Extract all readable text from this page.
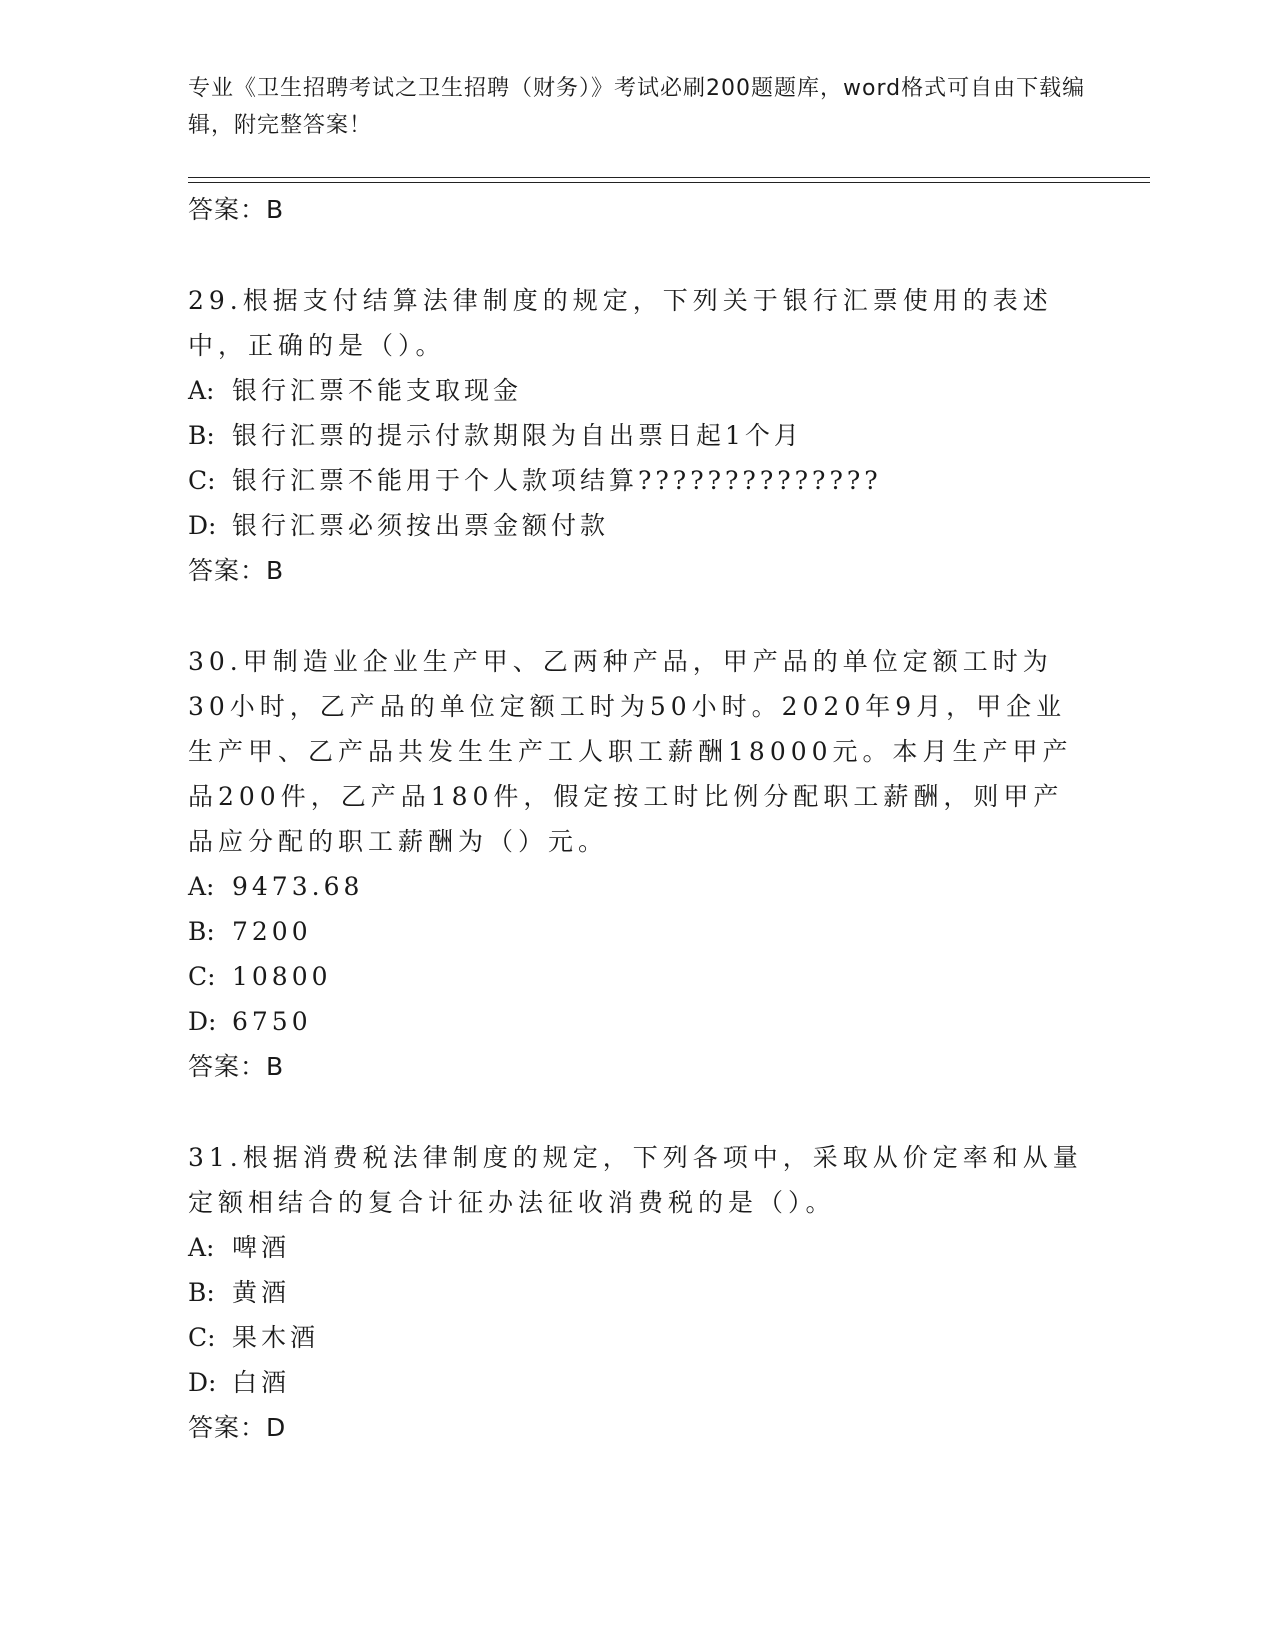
专业《卫生招聘考试之卫生招聘（财务）》考试必刷200题题库，word格式可自由下载编辑，附完整答案！
答案：B

29.根据支付结算法律制度的规定，下列关于银行汇票使用的表述中，正确的是（）。

A: 银行汇票不能支取现金
B: 银行汇票的提示付款期限为自出票日起1个月
C: 银行汇票不能用于个人款项结算??????????????
D: 银行汇票必须按出票金额付款
答案：B

30.甲制造业企业生产甲、乙两种产品，甲产品的单位定额工时为30小时，乙产品的单位定额工时为50小时。2020年9月，甲企业生产甲、乙产品共发生生产工人职工薪酬18000元。本月生产甲产品200件，乙产品180件，假定按工时比例分配职工薪酬，则甲产品应分配的职工薪酬为（）元。

A: 9473.68
B: 7200
C: 10800
D: 6750
答案：B

31.根据消费税法律制度的规定，下列各项中，采取从价定率和从量定额相结合的复合计征办法征收消费税的是（）。

A: 啤酒
B: 黄酒
C: 果木酒
D: 白酒
答案：D
